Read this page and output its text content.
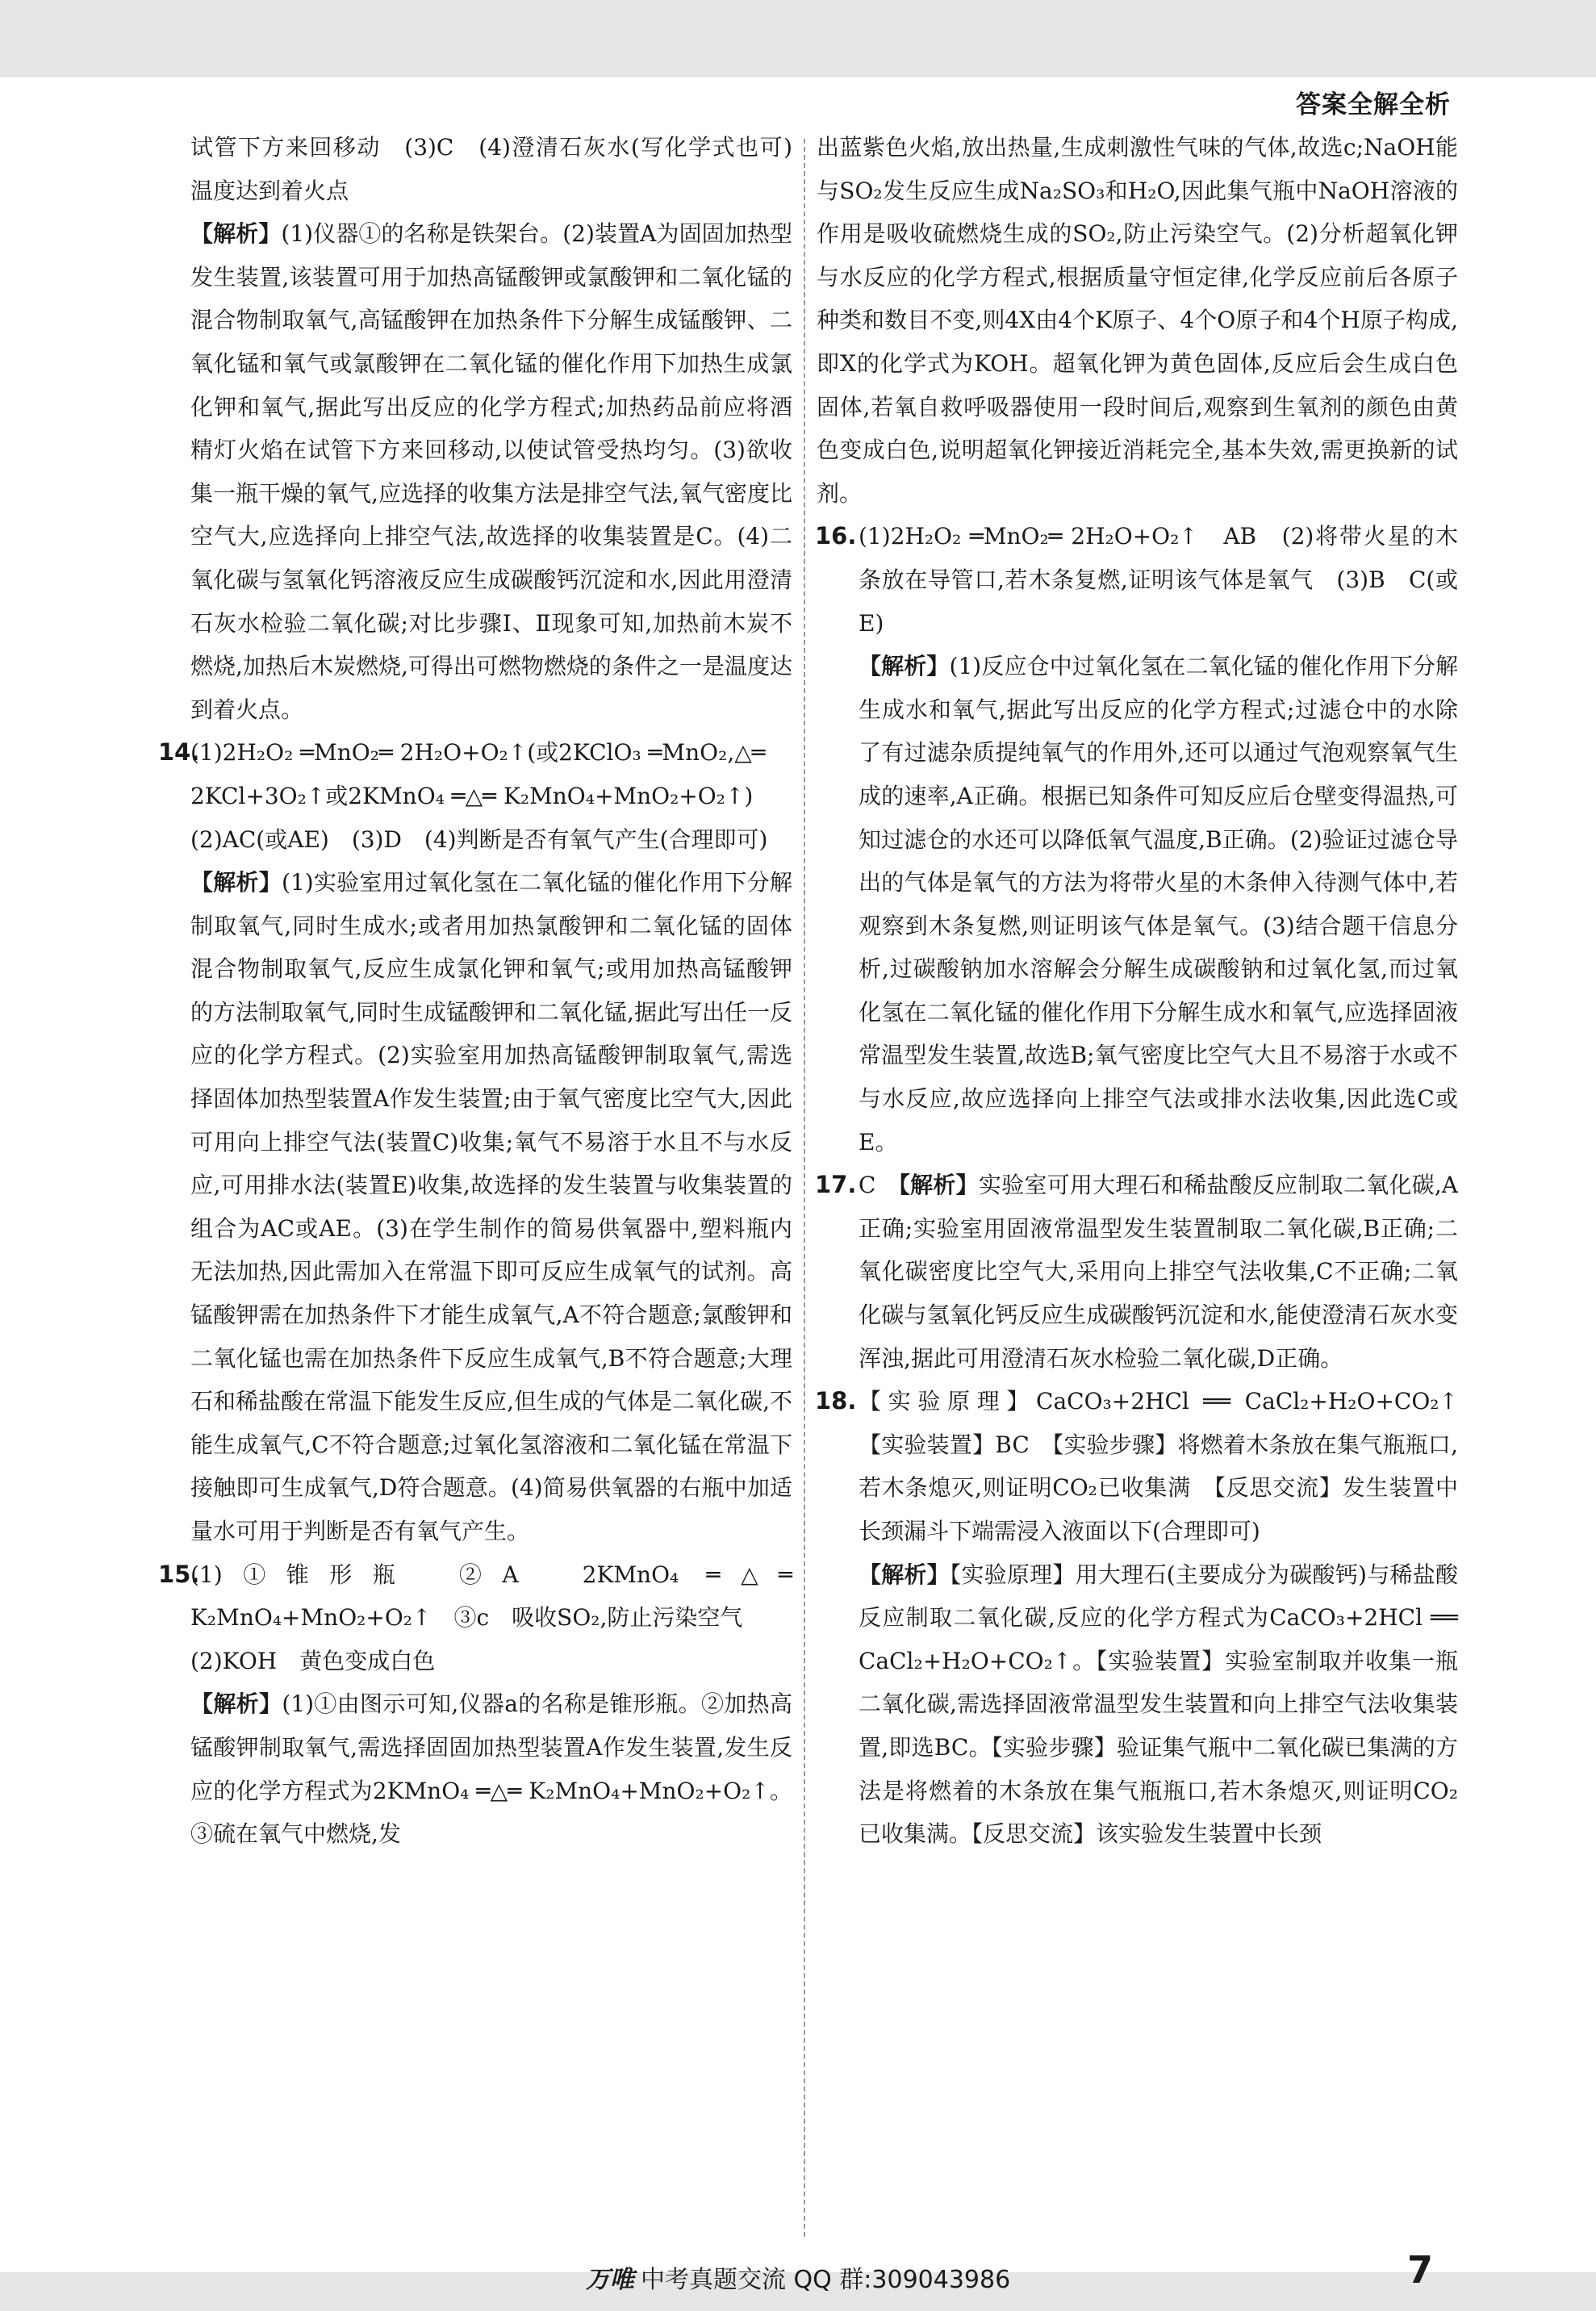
答案全解全析

试管下方来回移动　(3)C　(4)澄清石灰水(写化学式也可)　温度达到着火点

【解析】(1)仪器①的名称是铁架台。(2)装置A为固固加热型发生装置,该装置可用于加热高锰酸钾或氯酸钾和二氧化锰的混合物制取氧气,高锰酸钾在加热条件下分解生成锰酸钾、二氧化锰和氧气或氯酸钾在二氧化锰的催化作用下加热生成氯化钾和氧气,据此写出反应的化学方程式;加热药品前应将酒精灯火焰在试管下方来回移动,以使试管受热均匀。(3)欲收集一瓶干燥的氧气,应选择的收集方法是排空气法,氧气密度比空气大,应选择向上排空气法,故选择的收集装置是C。(4)二氧化碳与氢氧化钙溶液反应生成碳酸钙沉淀和水,因此用澄清石灰水检验二氧化碳;对比步骤Ⅰ、Ⅱ现象可知,加热前木炭不燃烧,加热后木炭燃烧,可得出可燃物燃烧的条件之一是温度达到着火点。

14.

(1)2H₂O₂ ═MnO₂═ 2H₂O+O₂↑(或2KClO₃ ═MnO₂,△═

2KCl+3O₂↑或2KMnO₄ ═△═ K₂MnO₄+MnO₂+O₂↑)

(2)AC(或AE)　(3)D　(4)判断是否有氧气产生(合理即可)

【解析】(1)实验室用过氧化氢在二氧化锰的催化作用下分解制取氧气,同时生成水;或者用加热氯酸钾和二氧化锰的固体混合物制取氧气,反应生成氯化钾和氧气;或用加热高锰酸钾的方法制取氧气,同时生成锰酸钾和二氧化锰,据此写出任一反应的化学方程式。(2)实验室用加热高锰酸钾制取氧气,需选择固体加热型装置A作发生装置;由于氧气密度比空气大,因此可用向上排空气法(装置C)收集;氧气不易溶于水且不与水反应,可用排水法(装置E)收集,故选择的发生装置与收集装置的组合为AC或AE。(3)在学生制作的简易供氧器中,塑料瓶内无法加热,因此需加入在常温下即可反应生成氧气的试剂。高锰酸钾需在加热条件下才能生成氧气,A不符合题意;氯酸钾和二氧化锰也需在加热条件下反应生成氧气,B不符合题意;大理石和稀盐酸在常温下能发生反应,但生成的气体是二氧化碳,不能生成氧气,C不符合题意;过氧化氢溶液和二氧化锰在常温下接触即可生成氧气,D符合题意。(4)简易供氧器的右瓶中加适量水可用于判断是否有氧气产生。

15.

(1)①锥形瓶　②A　2KMnO₄ ═△═ K₂MnO₄+MnO₂+O₂↑　③c　吸收SO₂,防止污染空气

(2)KOH　黄色变成白色

【解析】(1)①由图示可知,仪器a的名称是锥形瓶。②加热高锰酸钾制取氧气,需选择固固加热型装置A作发生装置,发生反应的化学方程式为2KMnO₄ ═△═ K₂MnO₄+MnO₂+O₂↑。③硫在氧气中燃烧,发

出蓝紫色火焰,放出热量,生成刺激性气味的气体,故选c;NaOH能与SO₂发生反应生成Na₂SO₃和H₂O,因此集气瓶中NaOH溶液的作用是吸收硫燃烧生成的SO₂,防止污染空气。(2)分析超氧化钾与水反应的化学方程式,根据质量守恒定律,化学反应前后各原子种类和数目不变,则4X由4个K原子、4个O原子和4个H原子构成,即X的化学式为KOH。超氧化钾为黄色固体,反应后会生成白色固体,若氧自救呼吸器使用一段时间后,观察到生氧剂的颜色由黄色变成白色,说明超氧化钾接近消耗完全,基本失效,需更换新的试剂。

16. (1)2H₂O₂ ═MnO₂═ 2H₂O+O₂↑　AB　(2)将带火星的木条放在导管口,若木条复燃,证明该气体是氧气　(3)B　C(或E)

【解析】(1)反应仓中过氧化氢在二氧化锰的催化作用下分解生成水和氧气,据此写出反应的化学方程式;过滤仓中的水除了有过滤杂质提纯氧气的作用外,还可以通过气泡观察氧气生成的速率,A正确。根据已知条件可知反应后仓壁变得温热,可知过滤仓的水还可以降低氧气温度,B正确。(2)验证过滤仓导出的气体是氧气的方法为将带火星的木条伸入待测气体中,若观察到木条复燃,则证明该气体是氧气。(3)结合题干信息分析,过碳酸钠加水溶解会分解生成碳酸钠和过氧化氢,而过氧化氢在二氧化锰的催化作用下分解生成水和氧气,应选择固液常温型发生装置,故选B;氧气密度比空气大且不易溶于水或不与水反应,故应选择向上排空气法或排水法收集,因此选C或E。

17. C　【解析】实验室可用大理石和稀盐酸反应制取二氧化碳,A正确;实验室用固液常温型发生装置制取二氧化碳,B正确;二氧化碳密度比空气大,采用向上排空气法收集,C不正确;二氧化碳与氢氧化钙反应生成碳酸钙沉淀和水,能使澄清石灰水变浑浊,据此可用澄清石灰水检验二氧化碳,D正确。

18. 【实验原理】CaCO₃+2HCl ══ CaCl₂+H₂O+CO₂↑　【实验装置】BC　【实验步骤】将燃着木条放在集气瓶瓶口,若木条熄灭,则证明CO₂已收集满　【反思交流】发生装置中长颈漏斗下端需浸入液面以下(合理即可)

【解析】【实验原理】用大理石(主要成分为碳酸钙)与稀盐酸反应制取二氧化碳,反应的化学方程式为CaCO₃+2HCl ══ CaCl₂+H₂O+CO₂↑。【实验装置】实验室制取并收集一瓶二氧化碳,需选择固液常温型发生装置和向上排空气法收集装置,即选BC。【实验步骤】验证集气瓶中二氧化碳已集满的方法是将燃着的木条放在集气瓶瓶口,若木条熄灭,则证明CO₂已收集满。【反思交流】该实验发生装置中长颈

万唯 中考真题交流 QQ 群:309043986	7
